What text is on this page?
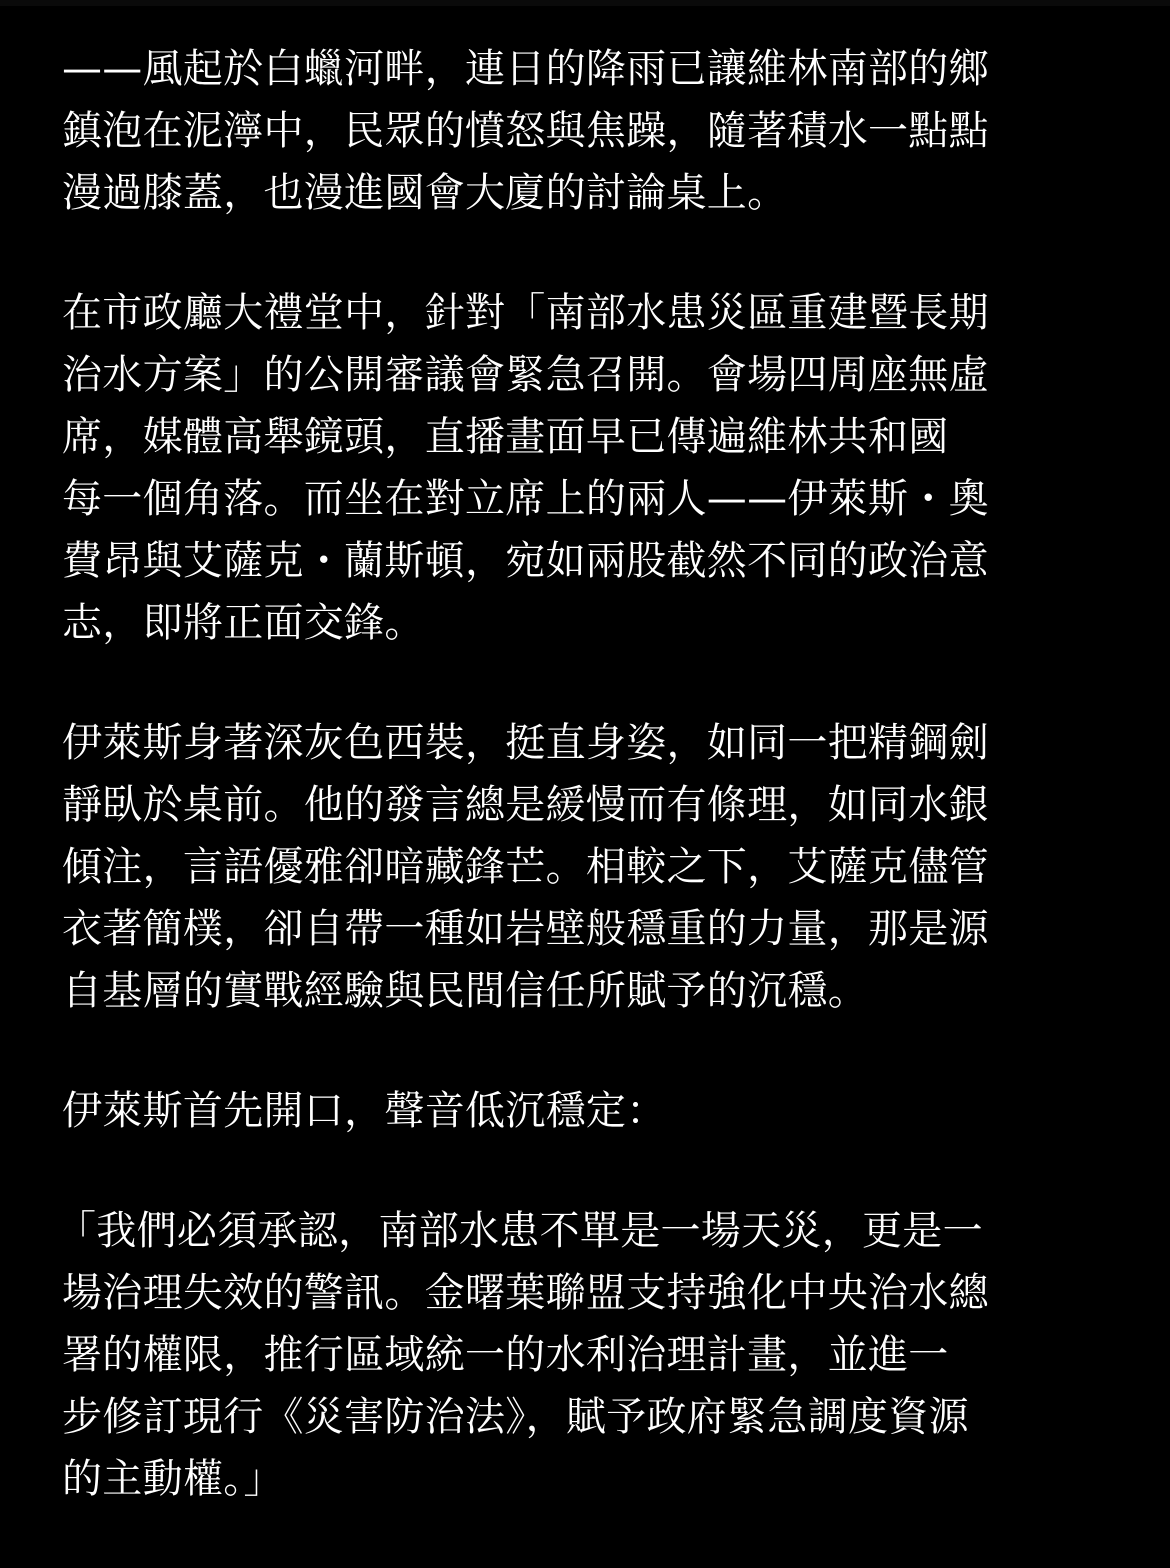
——風起於白蠟河畔，連日的降雨已讓維林南部的鄉
鎮泡在泥濘中，民眾的憤怒與焦躁，隨著積水一點點
漫過膝蓋，也漫進國會大廈的討論桌上。

在市政廳大禮堂中，針對「南部水患災區重建暨長期
治水方案」的公開審議會緊急召開。會場四周座無虛
席，媒體高舉鏡頭，直播畫面早已傳遍維林共和國
每一個角落。而坐在對立席上的兩人——伊萊斯・奧
費昂與艾薩克・蘭斯頓，宛如兩股截然不同的政治意
志，即將正面交鋒。

伊萊斯身著深灰色西裝，挺直身姿，如同一把精鋼劍
靜臥於桌前。他的發言總是緩慢而有條理，如同水銀
傾注，言語優雅卻暗藏鋒芒。相較之下，艾薩克儘管
衣著簡樸，卻自帶一種如岩壁般穩重的力量，那是源
自基層的實戰經驗與民間信任所賦予的沉穩。

伊萊斯首先開口，聲音低沉穩定：

「我們必須承認，南部水患不單是一場天災，更是一
場治理失效的警訊。金曙葉聯盟支持強化中央治水總
署的權限，推行區域統一的水利治理計畫，並進一
步修訂現行《災害防治法》，賦予政府緊急調度資源
的主動權。」
